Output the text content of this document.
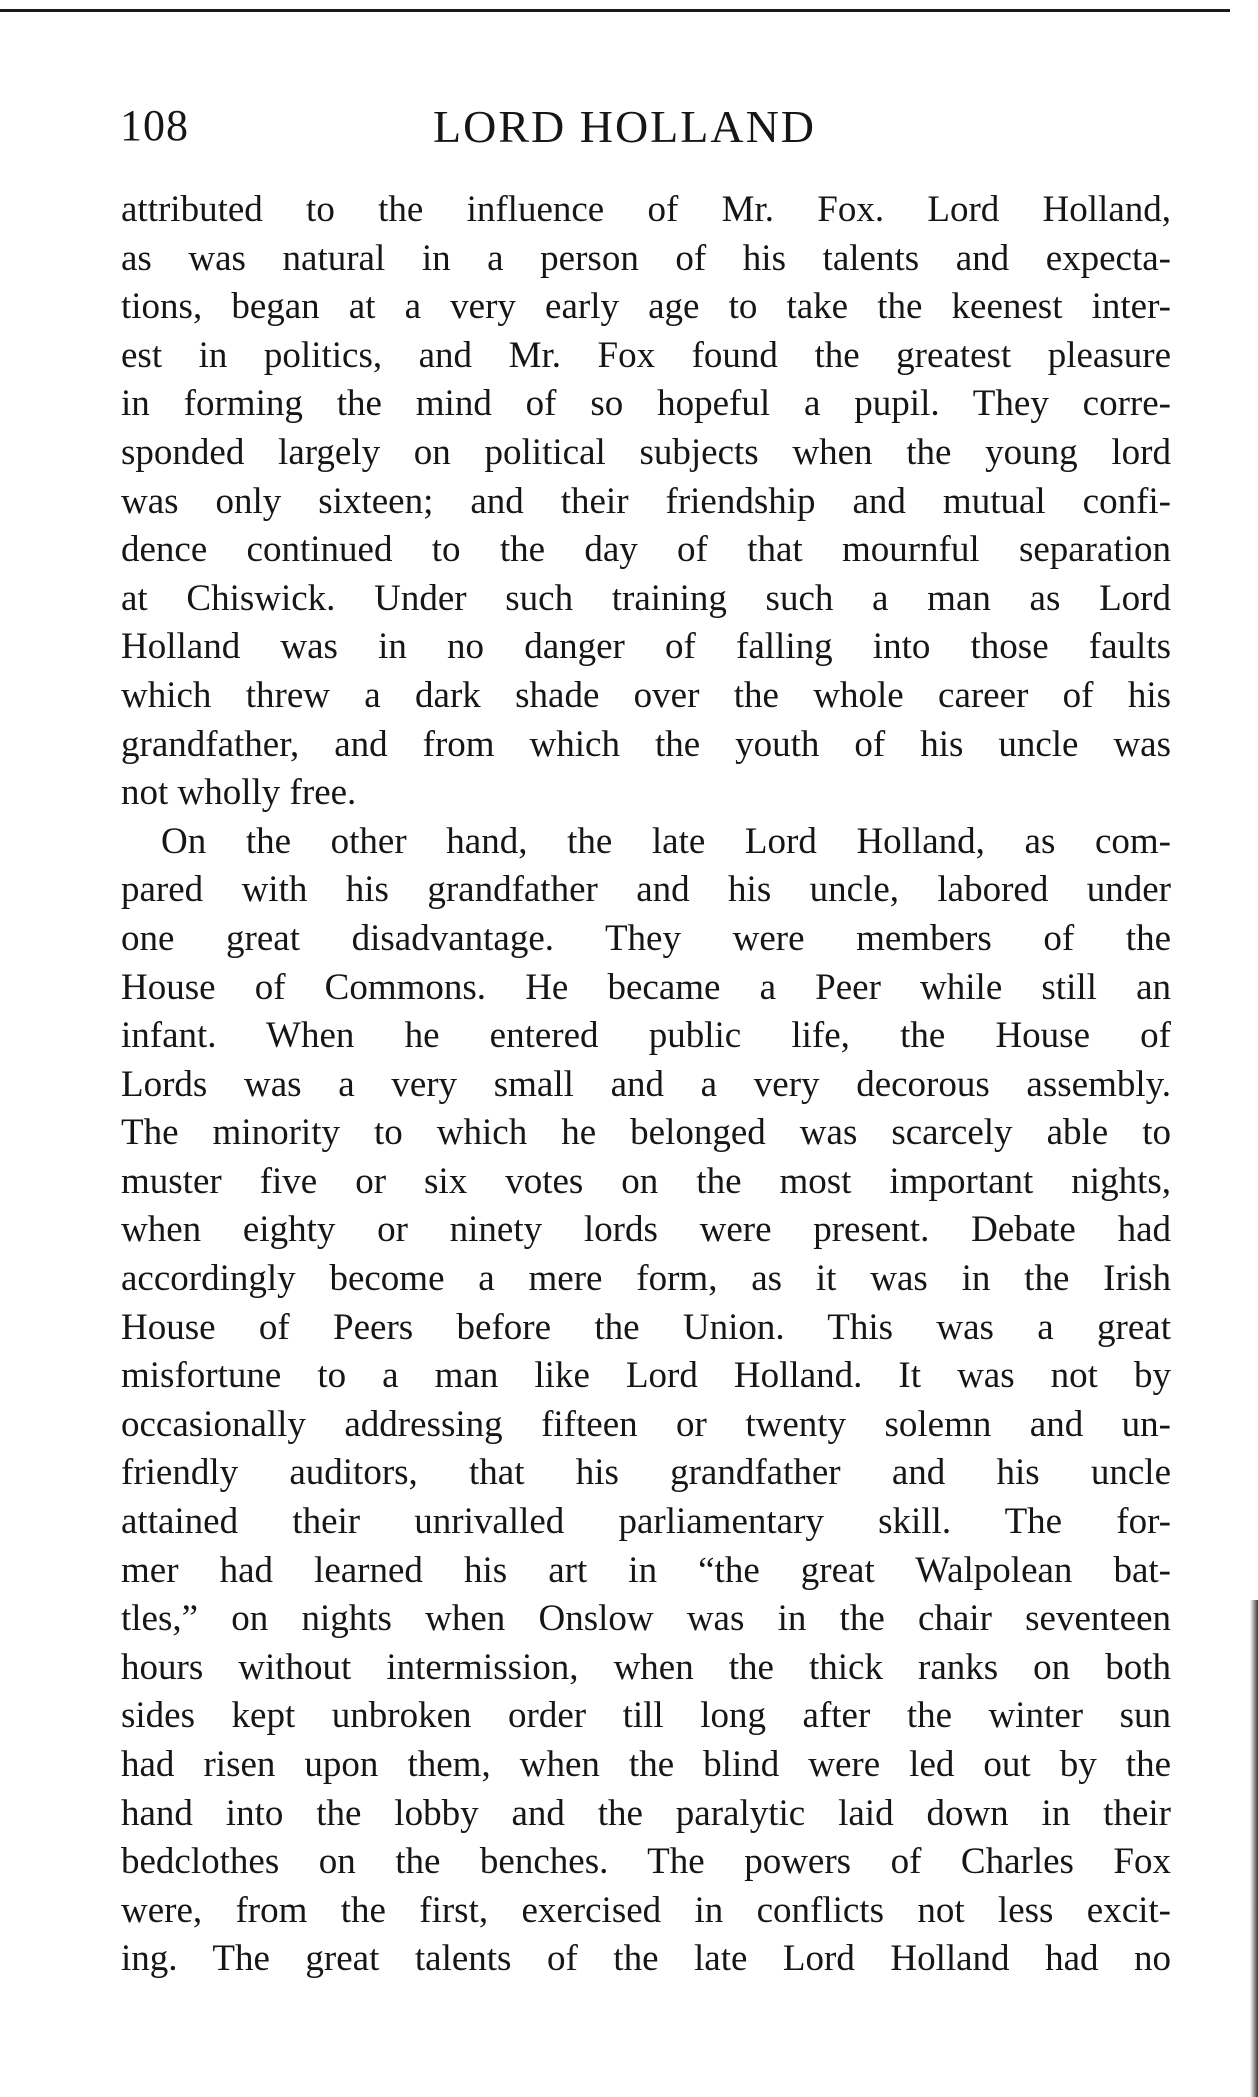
108	LORD HOLLAND
attributed to the influence of Mr. Fox. Lord Holland,
as was natural in a person of his talents and expecta-
tions, began at a very early age to take the keenest inter-
est in politics, and Mr. Fox found the greatest pleasure
in forming the mind of so hopeful a pupil. They corre-
sponded largely on political subjects when the young lord
was only sixteen; and their friendship and mutual confi-
dence continued to the day of that mournful separation
at Chiswick. Under such training such a man as Lord
Holland was in no danger of falling into those faults
which threw a dark shade over the whole career of his
grandfather, and from which the youth of his uncle was
not wholly free.
On the other hand, the late Lord Holland, as com-
pared with his grandfather and his uncle, labored under
one great disadvantage. They were members of the
House of Commons. He became a Peer while still an
infant. When he entered public life, the House of
Lords was a very small and a very decorous assembly.
The minority to which he belonged was scarcely able to
muster five or six votes on the most important nights,
when eighty or ninety lords were present. Debate had
accordingly become a mere form, as it was in the Irish
House of Peers before the Union. This was a great
misfortune to a man like Lord Holland. It was not by
occasionally addressing fifteen or twenty solemn and un-
friendly auditors, that his grandfather and his uncle
attained their unrivalled parliamentary skill. The for-
mer had learned his art in “the great Walpolean bat-
tles,” on nights when Onslow was in the chair seventeen
hours without intermission, when the thick ranks on both
sides kept unbroken order till long after the winter sun
had risen upon them, when the blind were led out by the
hand into the lobby and the paralytic laid down in their
bedclothes on the benches. The powers of Charles Fox
were, from the first, exercised in conflicts not less excit-
ing. The great talents of the late Lord Holland had no
